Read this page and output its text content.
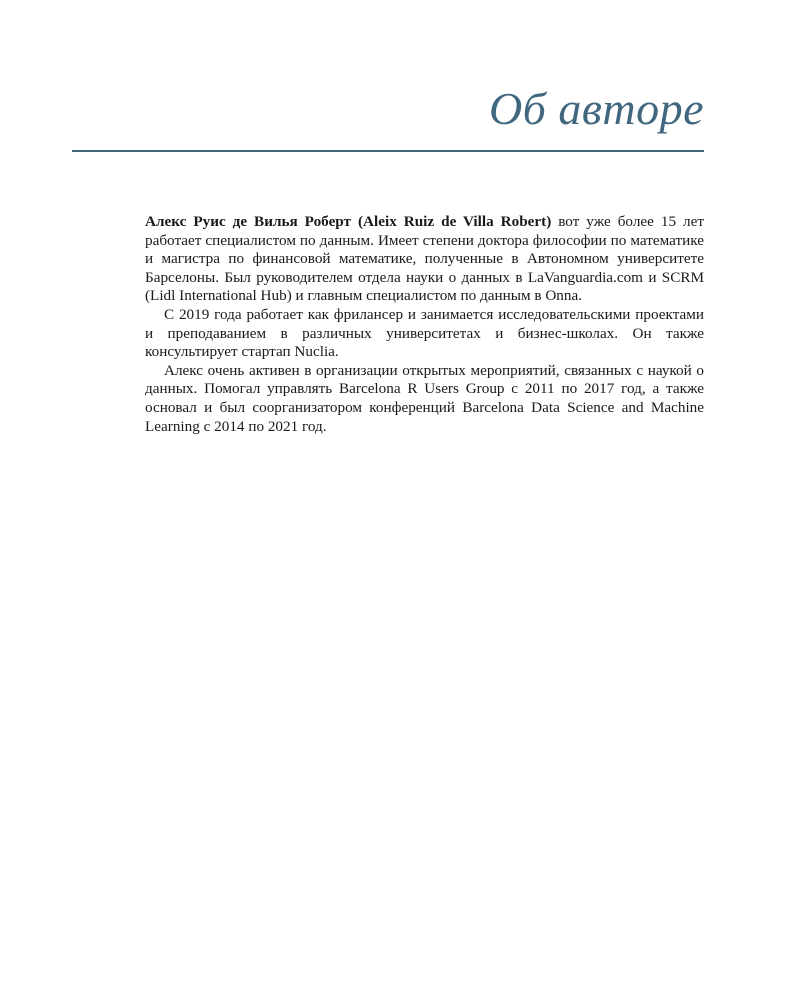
Об авторе

Алекс Руис де Вилья Роберт (Aleix Ruiz de Villa Robert) вот уже более 15 лет работает специалистом по данным. Имеет степени доктора философии по математике и магистра по финансовой математике, полученные в Автономном университете Барселоны. Был руководителем отдела науки о данных в LaVanguardia.com и SCRM (Lidl International Hub) и главным специалистом по данным в Onna.

С 2019 года работает как фрилансер и занимается исследовательскими проектами и преподаванием в различных университетах и бизнес-школах. Он также консультирует стартап Nuclia.

Алекс очень активен в организации открытых мероприятий, связанных с наукой о данных. Помогал управлять Barcelona R Users Group с 2011 по 2017 год, а также основал и был соорганизатором конференций Barcelona Data Science and Machine Learning с 2014 по 2021 год.
